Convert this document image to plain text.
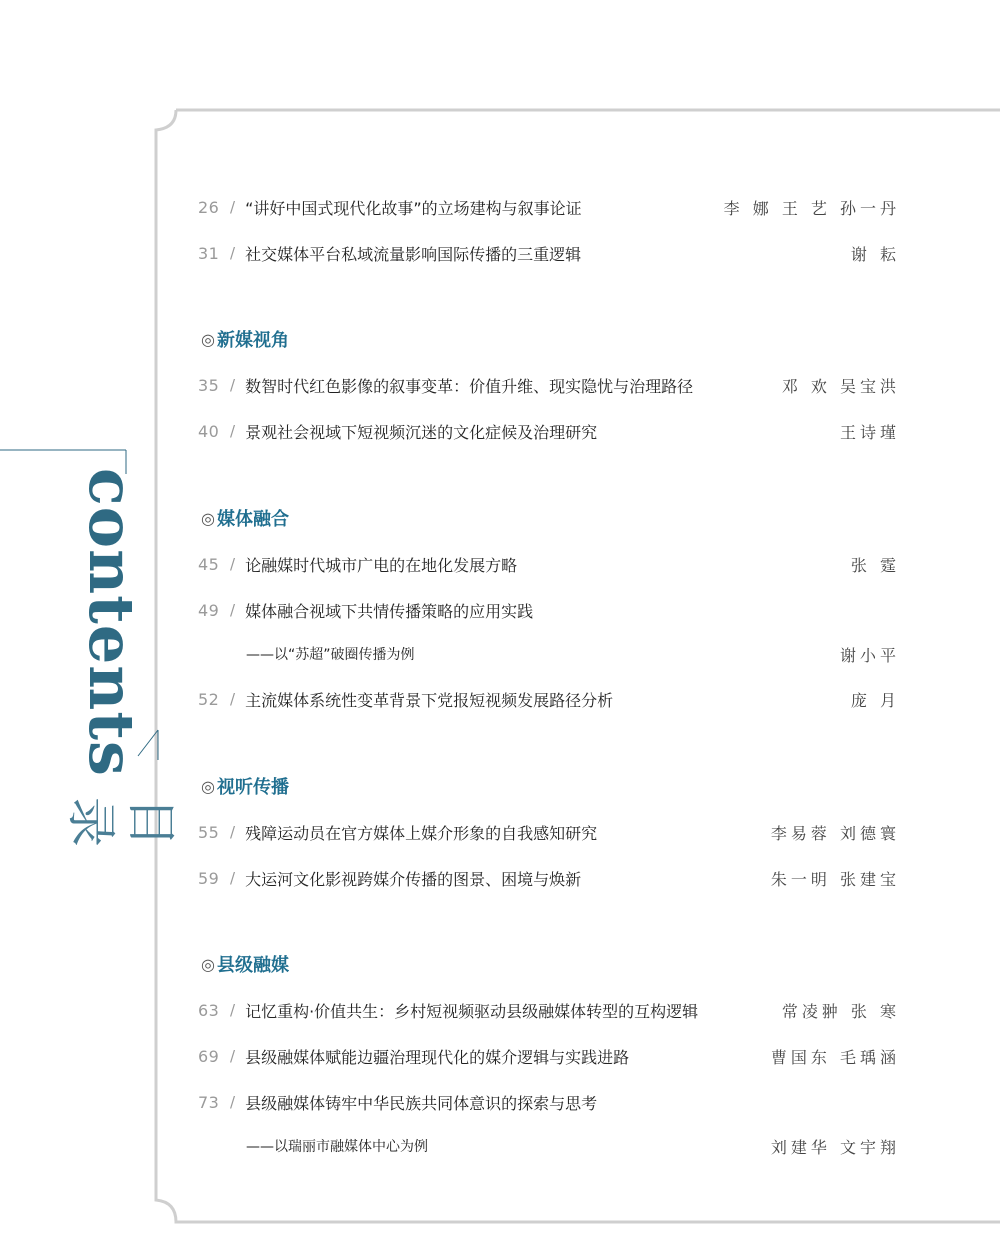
contents
目录
26 / “讲好中国式现代化故事”的立场建构与叙事论证	李 娜 王 艺 孙一丹
31 / 社交媒体平台私域流量影响国际传播的三重逻辑	谢 耘
◎ 新媒视角
35 / 数智时代红色影像的叙事变革：价值升维、现实隐忧与治理路径	邓 欢 吴宝洪
40 / 景观社会视域下短视频沉迷的文化症候及治理研究	王诗瑾
◎ 媒体融合
45 / 论融媒时代城市广电的在地化发展方略	张 霆
49 / 媒体融合视域下共情传播策略的应用实践
——以“苏超”破圈传播为例	谢小平
52 / 主流媒体系统性变革背景下党报短视频发展路径分析	庞 月
◎ 视听传播
55 / 残障运动员在官方媒体上媒介形象的自我感知研究	李易蓉 刘德寰
59 / 大运河文化影视跨媒介传播的图景、困境与焕新	朱一明 张建宝
◎ 县级融媒
63 / 记忆重构·价值共生：乡村短视频驱动县级融媒体转型的互构逻辑	常凌翀 张 寒
69 / 县级融媒体赋能边疆治理现代化的媒介逻辑与实践进路	曹国东 毛瑀涵
73 / 县级融媒体铸牢中华民族共同体意识的探索与思考
——以瑞丽市融媒体中心为例	刘建华 文宇翔
